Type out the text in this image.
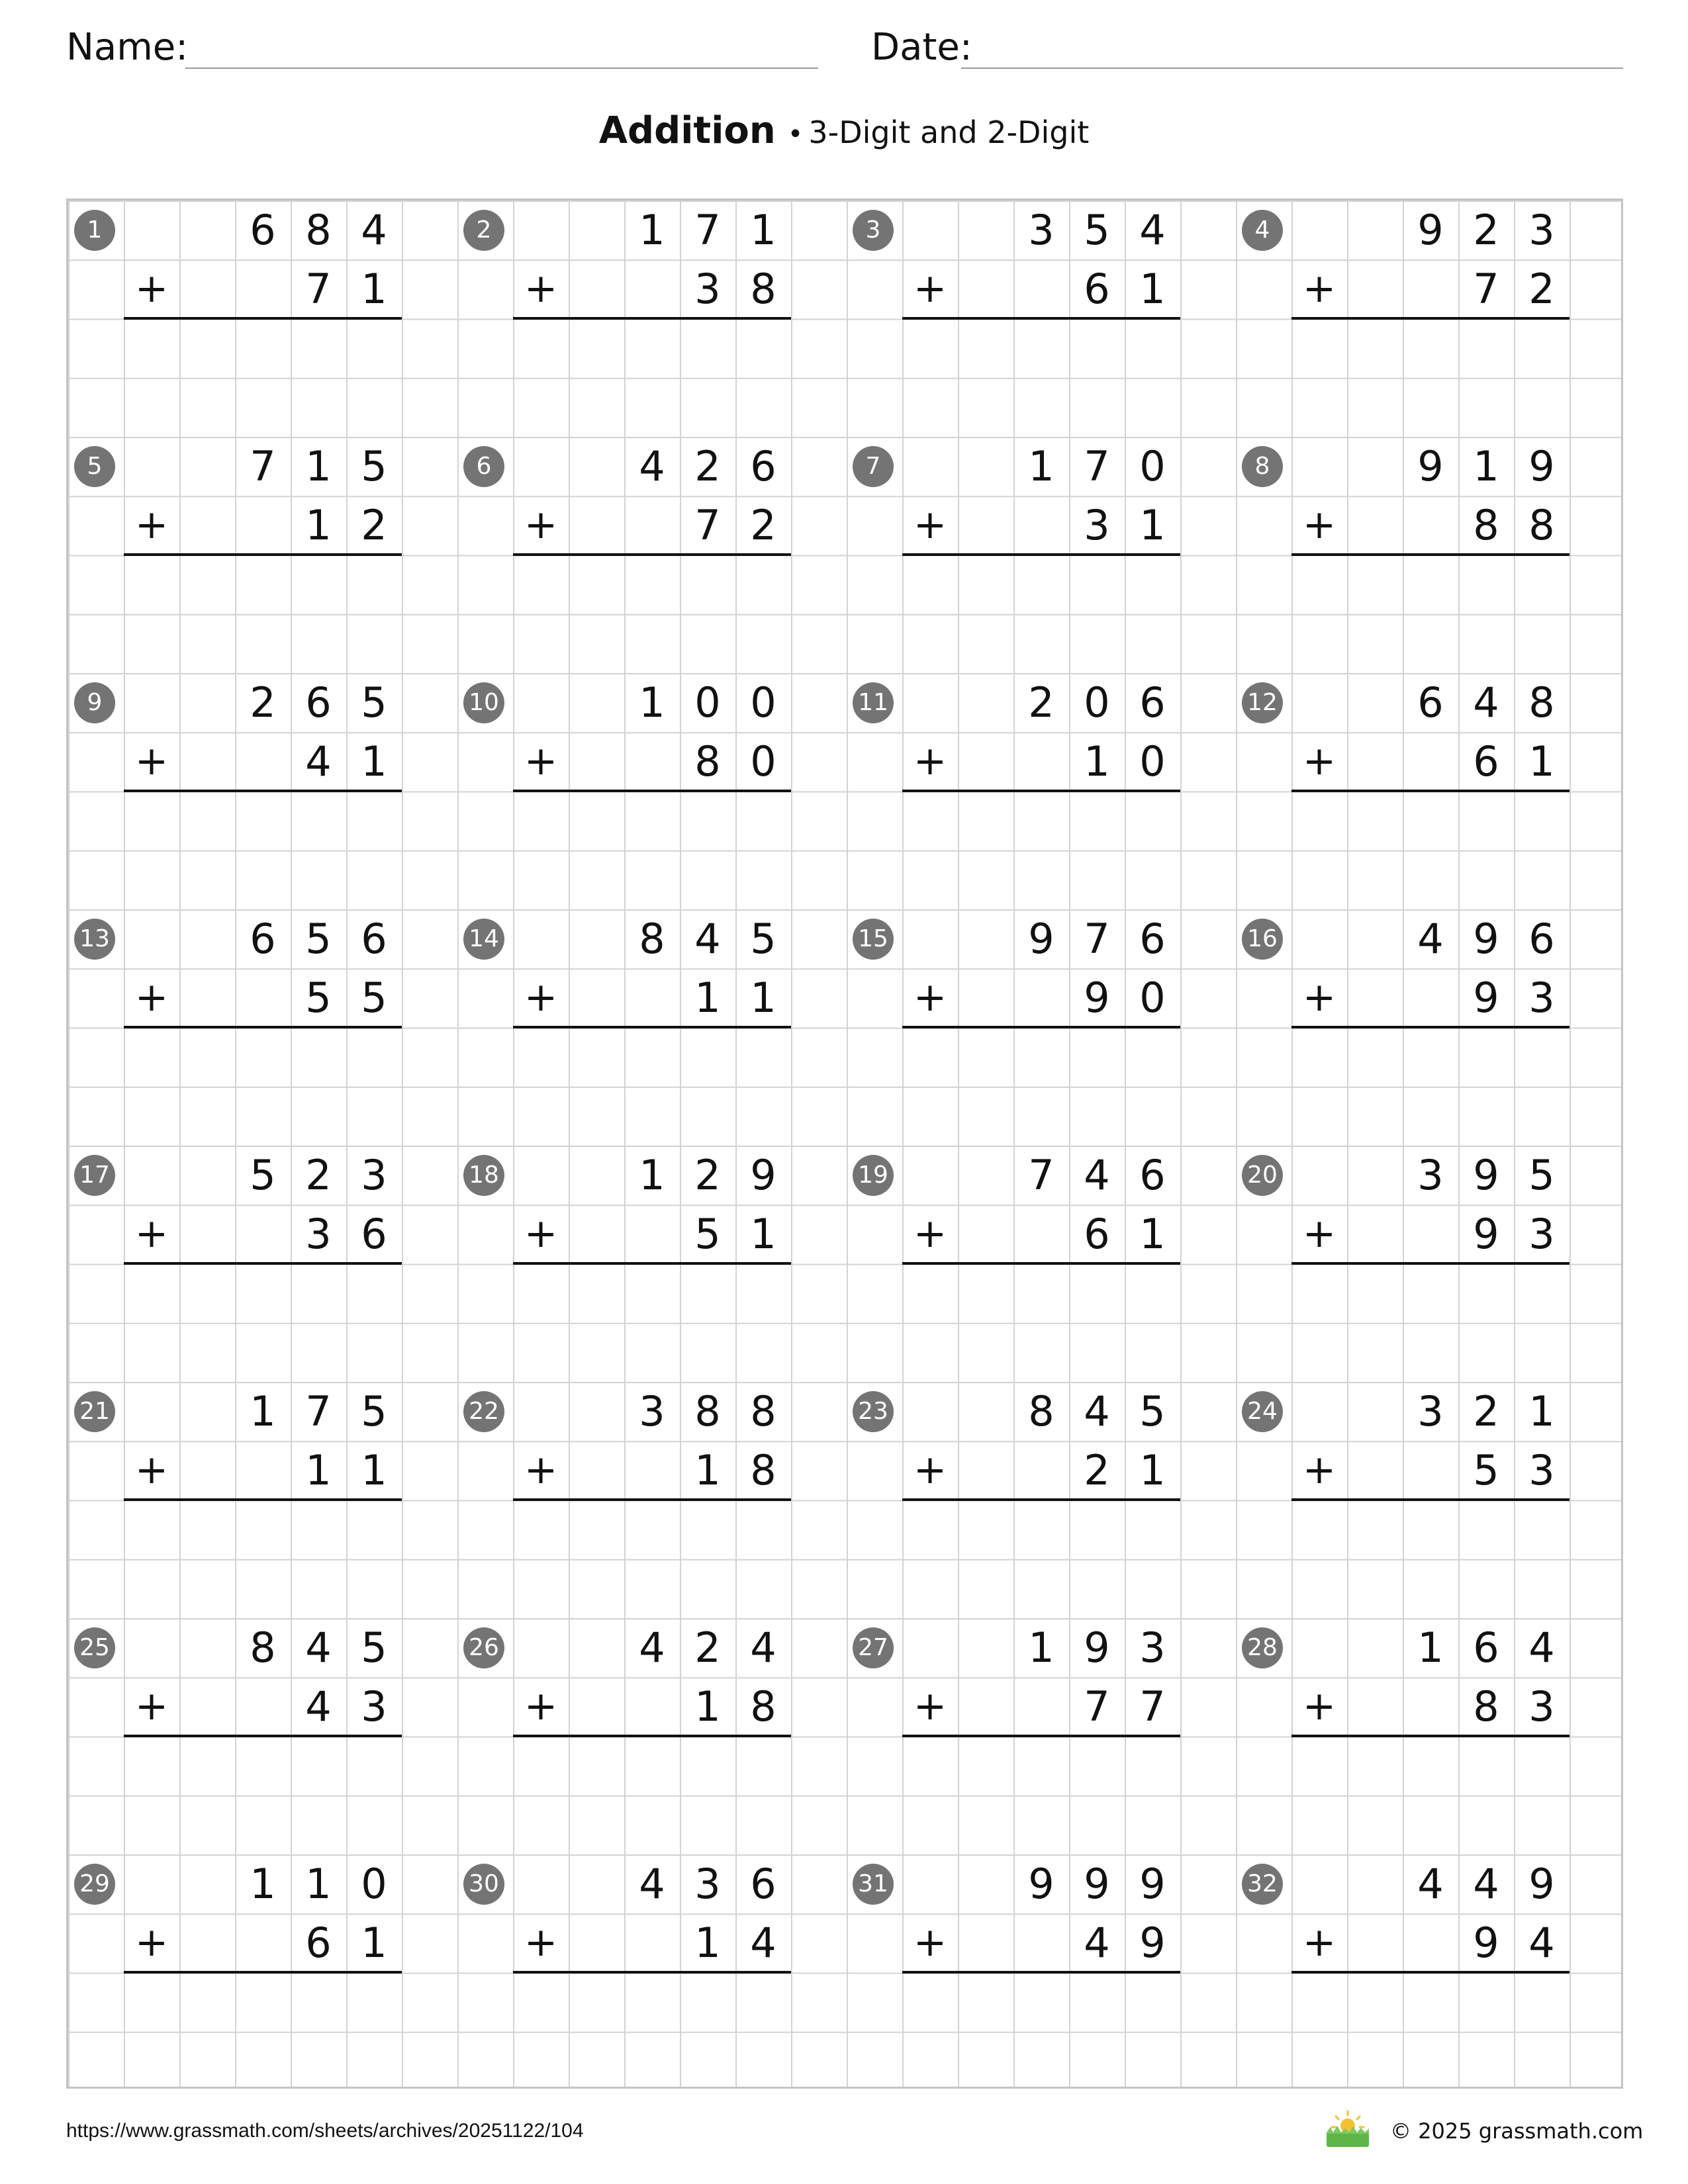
Name:	Date:
Addition • 3-Digit and 2-Digit
1	6 8 4
+	7 1
2	1 7 1
+	3 8
3	3 5 4
+	6 1
4	9 2 3
+	7 2
5	7 1 5
+	1 2
6	4 2 6
+	7 2
7	1 7 0
+	3 1
8	9 1 9
+	8 8
9	2 6 5
+	4 1
10	1 0 0
+	8 0
11	2 0 6
+	1 0
12	6 4 8
+	6 1
13	6 5 6
+	5 5
14	8 4 5
+	1 1
15	9 7 6
+	9 0
16	4 9 6
+	9 3
17	5 2 3
+	3 6
18	1 2 9
+	5 1
19	7 4 6
+	6 1
20	3 9 5
+	9 3
21	1 7 5
+	1 1
22	3 8 8
+	1 8
23	8 4 5
+	2 1
24	3 2 1
+	5 3
25	8 4 5
+	4 3
26	4 2 4
+	1 8
27	1 9 3
+	7 7
28	1 6 4
+	8 3
29	1 1 0
+	6 1
30	4 3 6
+	1 4
31	9 9 9
+	4 9
32	4 4 9
+	9 4
https://www.grassmath.com/sheets/archives/20251122/104	© 2025 grassmath.com
